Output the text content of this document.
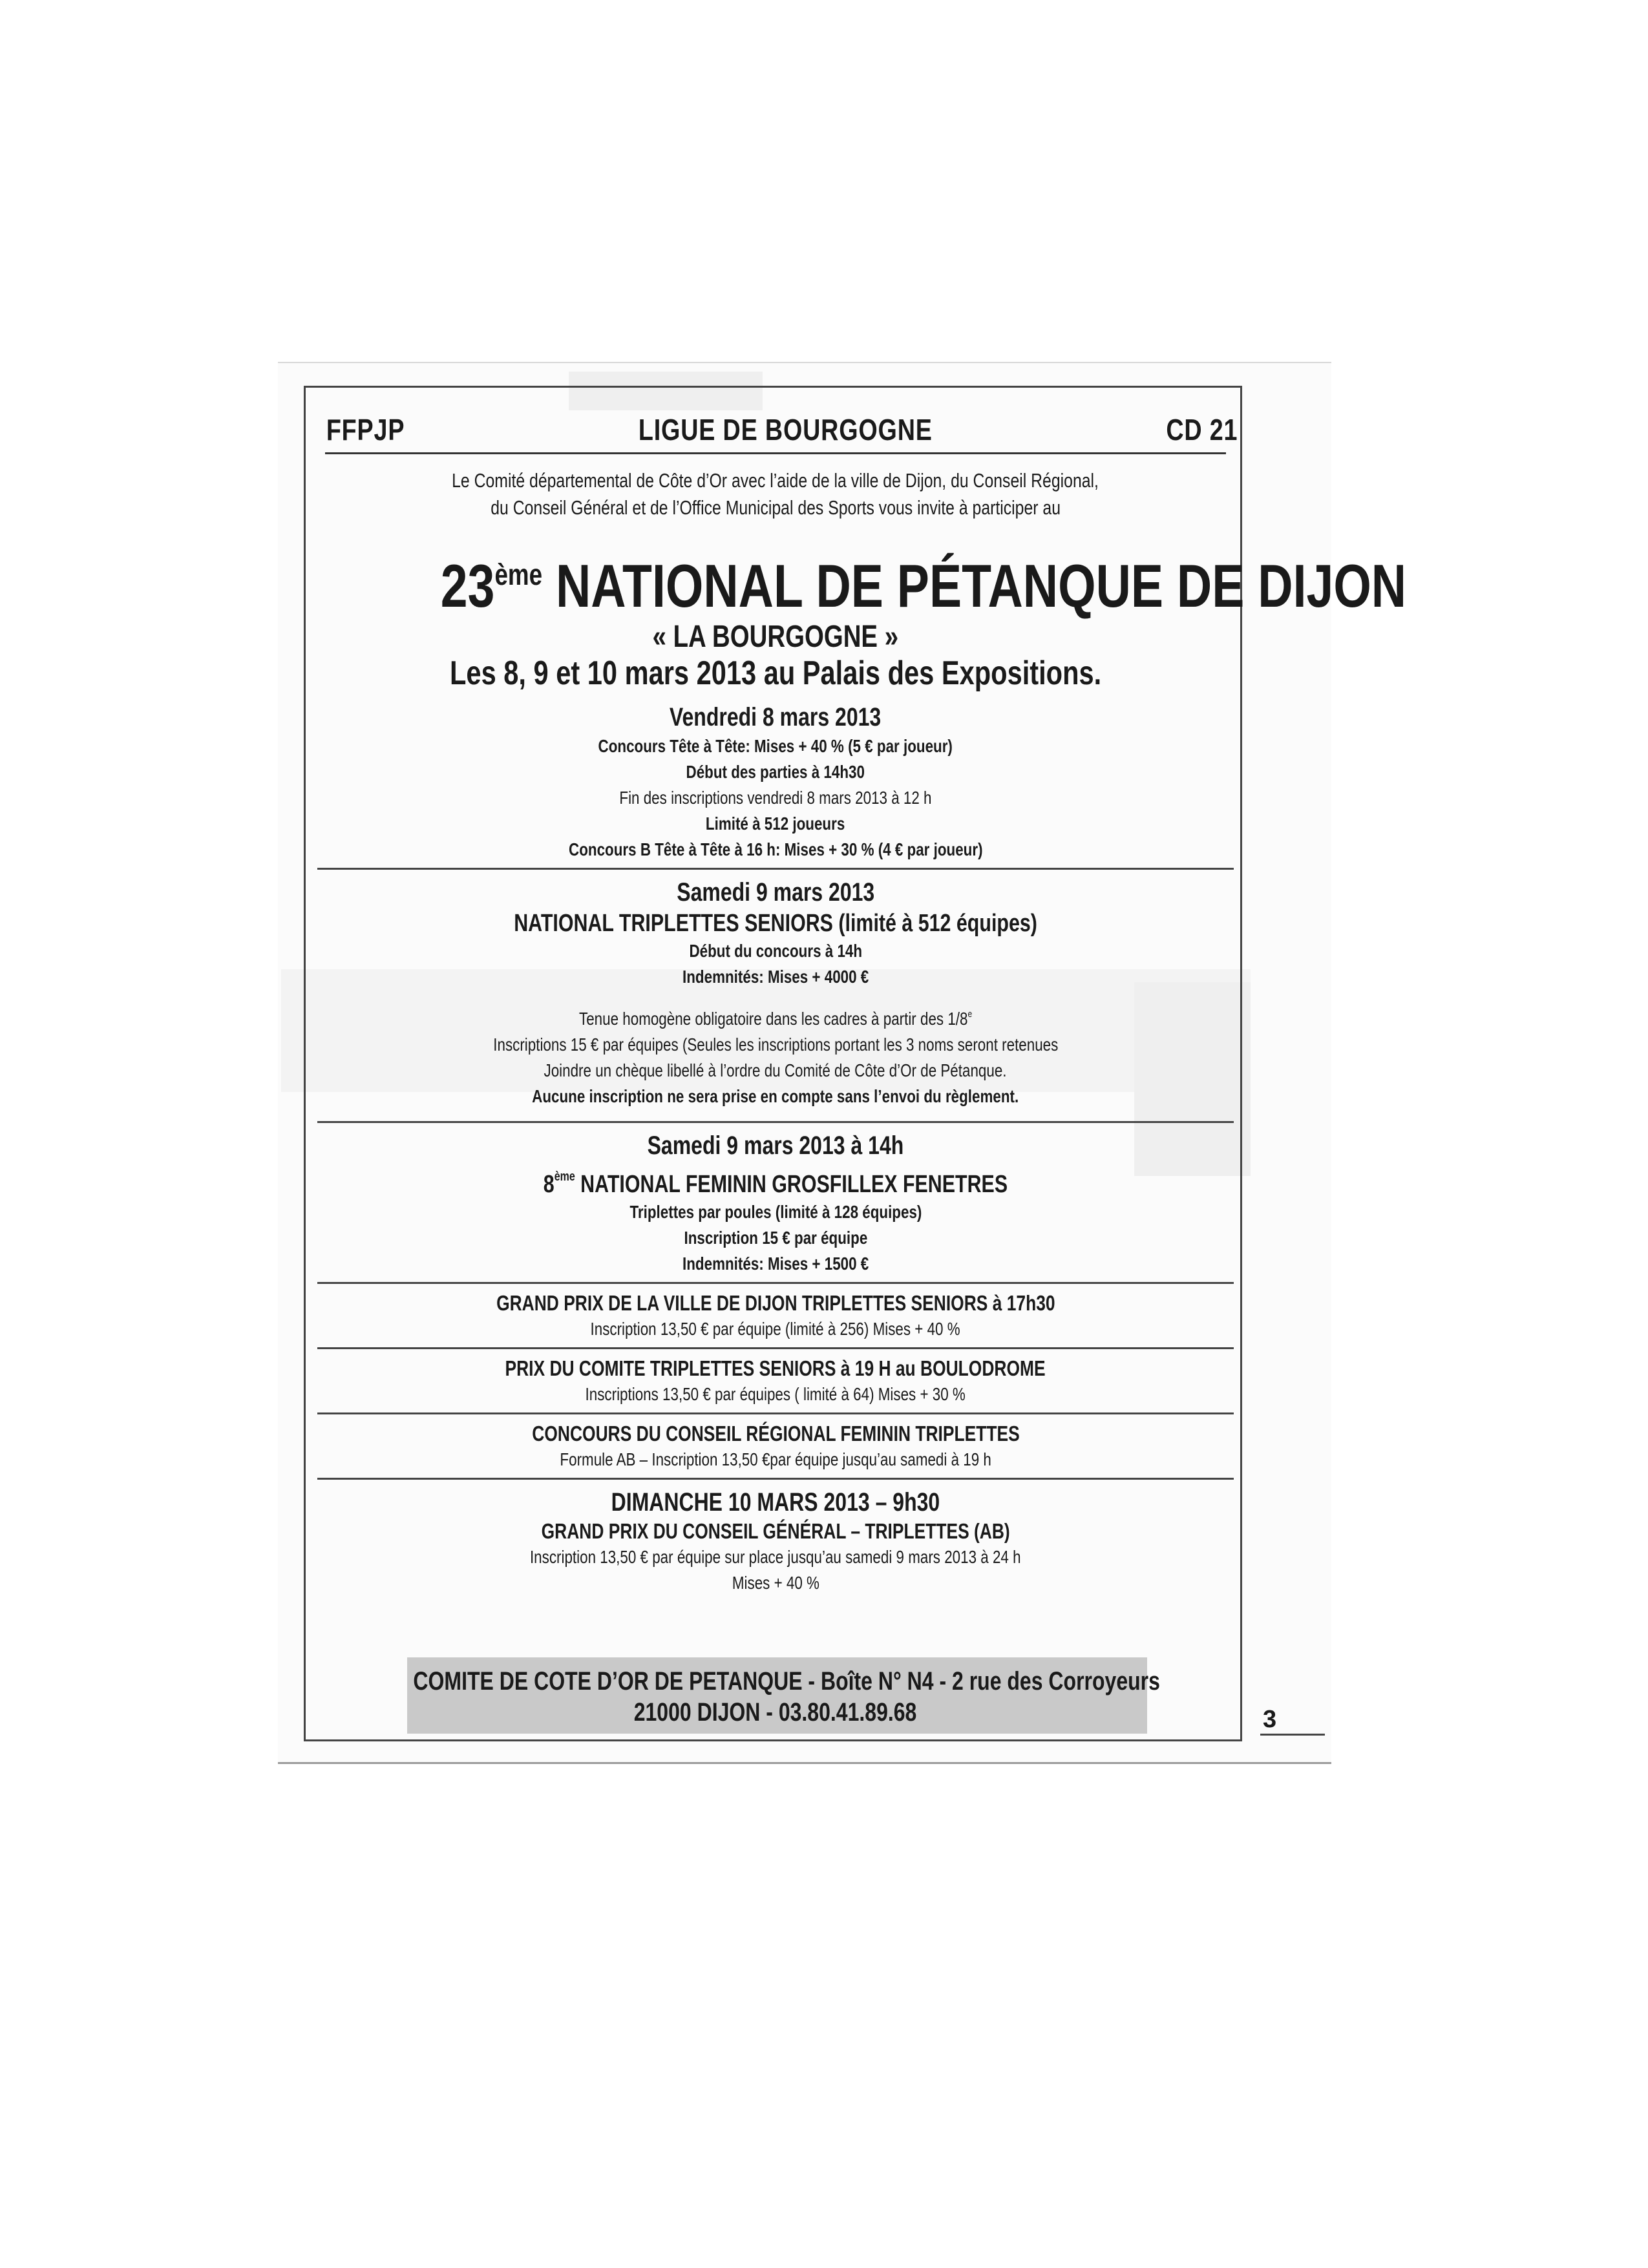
FFPJP	LIGUE DE BOURGOGNE	CD 21
Le Comité départemental de Côte d’Or avec l’aide de la ville de Dijon, du Conseil Régional,
du Conseil Général et de l’Office Municipal des Sports vous invite à participer au
23ème NATIONAL DE PÉTANQUE DE DIJON
« LA BOURGOGNE »
Les 8, 9 et 10 mars 2013 au Palais des Expositions.
Vendredi 8 mars 2013
Concours Tête à Tête: Mises + 40 % (5 € par joueur)
Début des parties à 14h30
Fin des inscriptions vendredi 8 mars 2013 à 12 h
Limité à 512 joueurs
Concours B Tête à Tête à 16 h: Mises + 30 % (4 € par joueur)
Samedi 9 mars 2013
NATIONAL TRIPLETTES SENIORS (limité à 512 équipes)
Début du concours à 14h
Indemnités: Mises + 4000 €
Tenue homogène obligatoire dans les cadres à partir des 1/8e
Inscriptions 15 € par équipes (Seules les inscriptions portant les 3 noms seront retenues
Joindre un chèque libellé à l’ordre du Comité de Côte d’Or de Pétanque.
Aucune inscription ne sera prise en compte sans l’envoi du règlement.
Samedi 9 mars 2013 à 14h
8ème NATIONAL FEMININ GROSFILLEX FENETRES
Triplettes par poules (limité à 128 équipes)
Inscription 15 € par équipe
Indemnités: Mises + 1500 €
GRAND PRIX DE LA VILLE DE DIJON TRIPLETTES SENIORS à 17h30
Inscription 13,50 € par équipe (limité à 256) Mises + 40 %
PRIX DU COMITE TRIPLETTES SENIORS à 19 H au BOULODROME
Inscriptions 13,50 € par équipes ( limité à 64) Mises + 30 %
CONCOURS DU CONSEIL RÉGIONAL FEMININ TRIPLETTES
Formule AB – Inscription 13,50 €par équipe jusqu’au samedi à 19 h
DIMANCHE 10 MARS 2013 – 9h30
GRAND PRIX DU CONSEIL GÉNÉRAL – TRIPLETTES (AB)
Inscription 13,50 € par équipe sur place jusqu’au samedi 9 mars 2013 à 24 h
Mises + 40 %
COMITE DE COTE D’OR DE PETANQUE - Boîte N° N4 - 2 rue des Corroyeurs
21000 DIJON - 03.80.41.89.68	3
